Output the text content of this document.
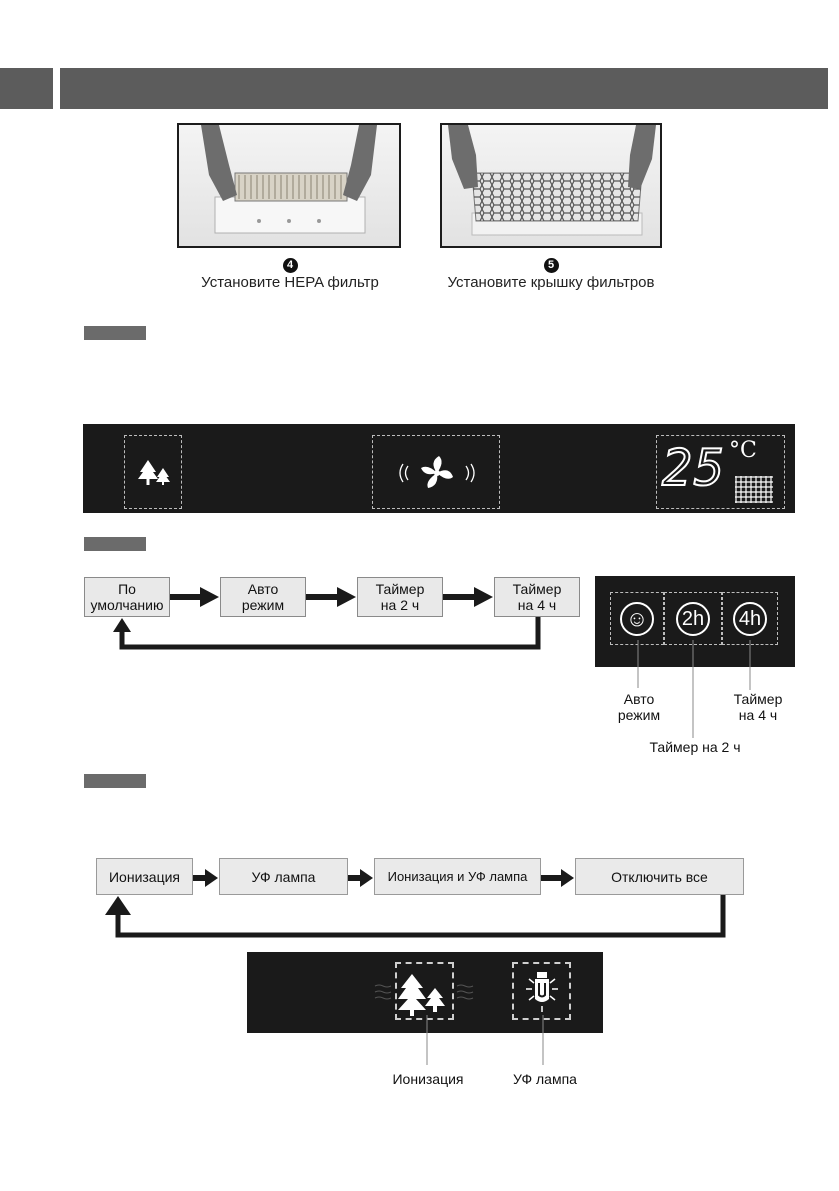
4
Установите HEPA фильтр
5
Установите крышку фильтров
25 °C
По
умолчанию
Авто
режим
Таймер
на 2 ч
Таймер
на 4 ч
☺ 2h 4h
Авто
режим
Таймер
на 4 ч
Таймер на 2 ч
Ионизация	УФ лампа	Ионизация и УФ лампа	Отключить все
Ионизация	УФ лампа
